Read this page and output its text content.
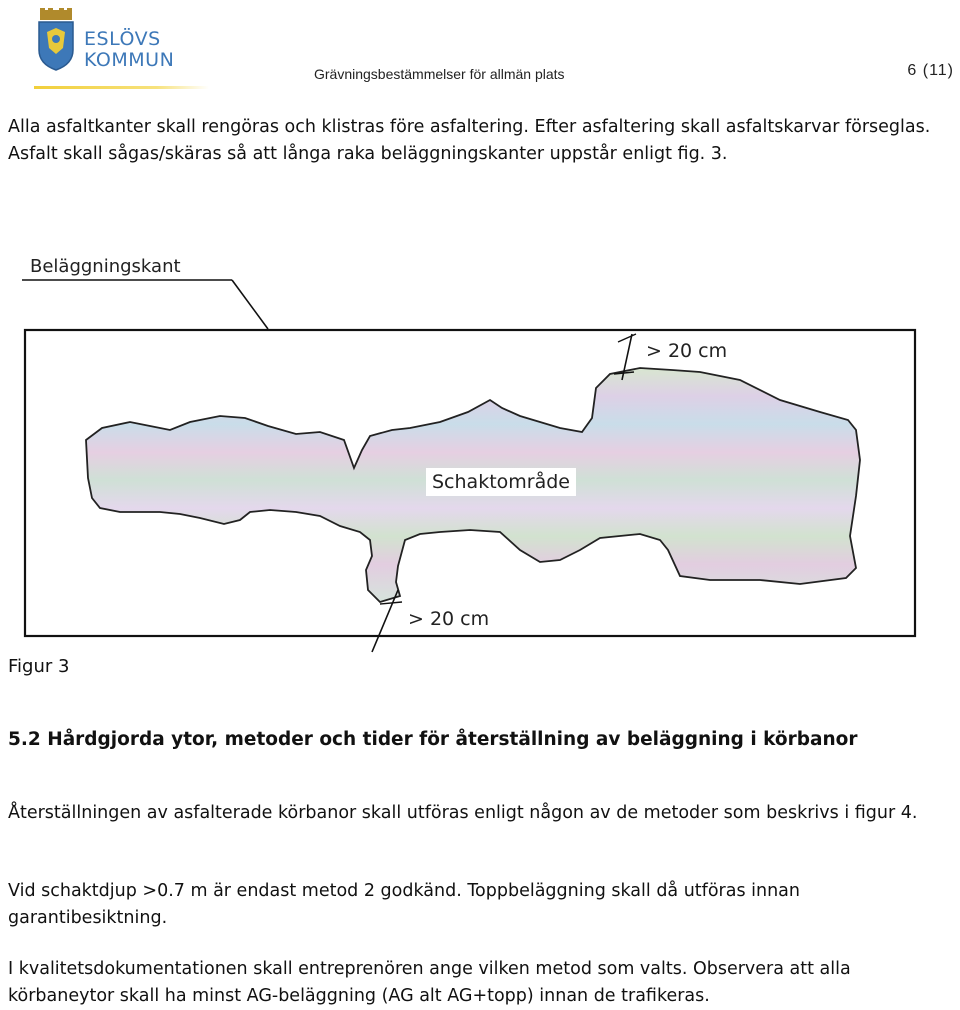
ESLÖVS
KOMMUN
Grävningsbestämmelser för allmän plats	6 (11)

Alla asfaltkanter skall rengöras och klistras före asfaltering. Efter asfaltering skall asfaltskarvar förseglas. Asfalt skall sågas/skäras så att långa raka beläggningskanter uppstår enligt fig. 3.

Beläggningskant
> 20 cm
> 20 cm
Schaktområde
Figur 3
5.2 Hårdgjorda ytor, metoder och tider för återställning av beläggning i körbanor

Återställningen av asfalterade körbanor skall utföras enligt någon av de metoder som beskrivs i figur 4.

Vid schaktdjup >0.7 m är endast metod 2 godkänd. Toppbeläggning skall då utföras innan garantibesiktning.

I kvalitetsdokumentationen skall entreprenören ange vilken metod som valts. Observera att alla körbaneytor skall ha minst AG-beläggning (AG alt AG+topp) innan de trafikeras.
